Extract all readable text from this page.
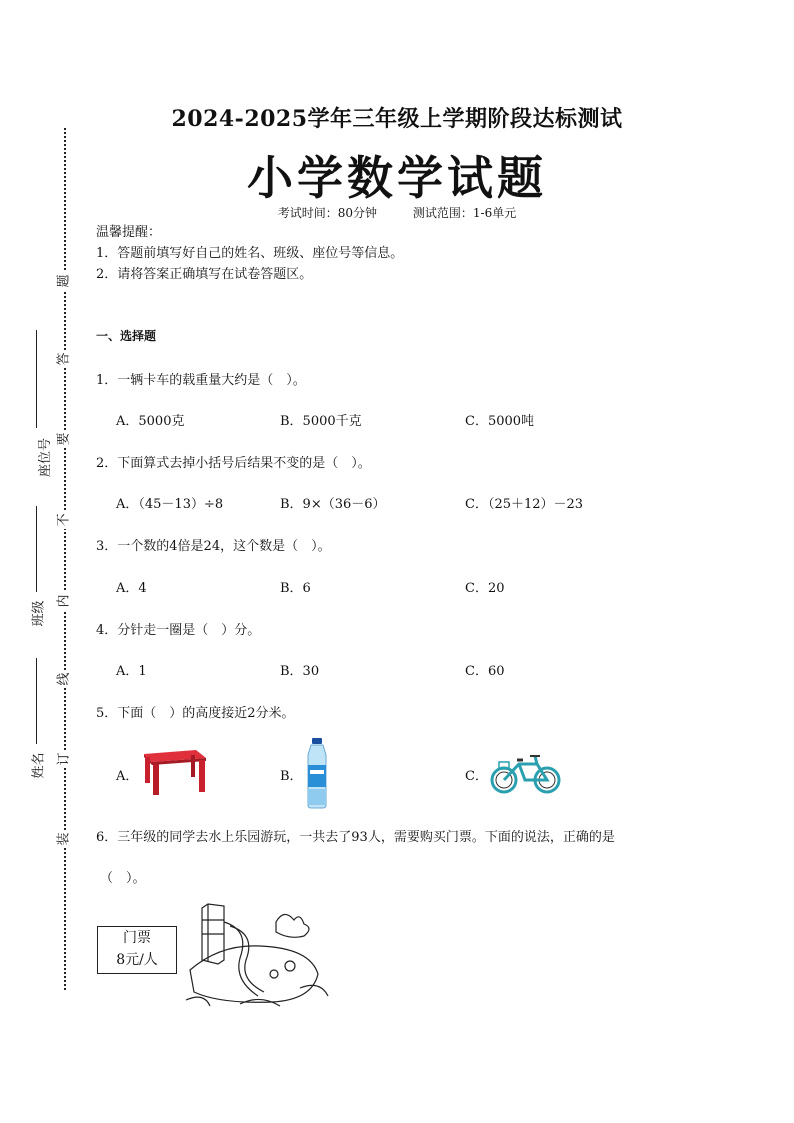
题
答
要
不
内
线
订
装
座位号
班级
姓名
2024-2025学年三年级上学期阶段达标测试
小学数学试题
考试时间：80分钟	测试范围：1-6单元
温馨提醒：
1．答题前填写好自己的姓名、班级、座位号等信息。
2．请将答案正确填写在试卷答题区。
一、选择题
1．一辆卡车的载重量大约是（　）。
A．5000克	B．5000千克	C．5000吨
2．下面算式去掉小括号后结果不变的是（　）。
A．（45－13）÷8	B．9×（36－6）	C．（25＋12）－23
3．一个数的4倍是24，这个数是（　）。
A．4	B．6	C．20
4．分针走一圈是（　）分。
A．1	B．30	C．60
5．下面（　）的高度接近2分米。
A．	B．	C．
6．三年级的同学去水上乐园游玩，一共去了93人，需要购买门票。下面的说法，正确的是
（　）。
门票
8元/人
